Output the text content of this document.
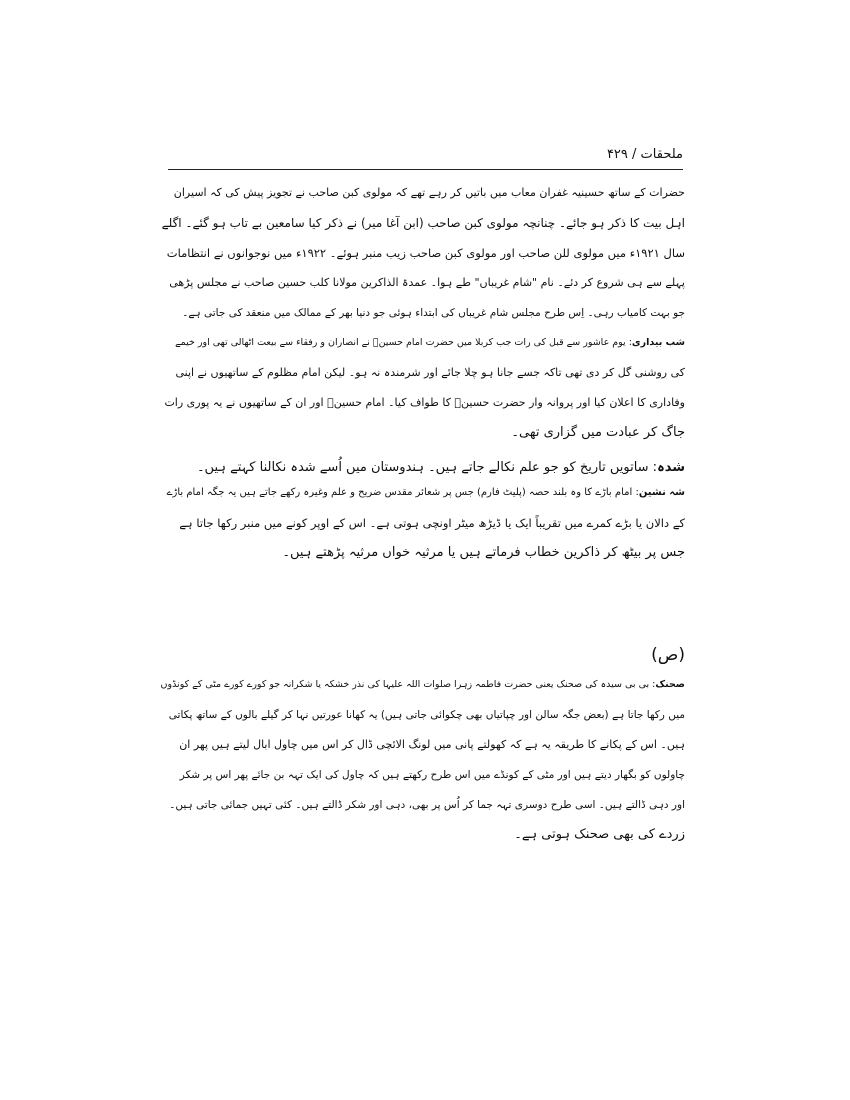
ملحقات / ۴۲۹
حضرات کے ساتھ حسینیہ غفران معاب میں باتیں کر رہے تھے کہ مولوی کبن صاحب نے تجویز پیش کی کہ اسیران
اہل بیت کا ذکر ہو جائے۔ چنانچہ مولوی کبن صاحب (ابن آغا میر) نے ذکر کیا سامعین بے تاب ہو گئے۔ اگلے
سال ۱۹۲۱ء میں مولوی للن صاحب اور مولوی کبن صاحب زیب منبر ہوئے۔ ۱۹۲۲ء میں نوجوانوں نے انتظامات
پہلے سے ہی شروع کر دئے۔ نام "شام غریباں" طے ہوا۔ عمدۃ الذاکرین مولانا کلب حسین صاحب نے مجلس پڑھی
جو بہت کامیاب رہی۔ اِس طرح مجلس شام غریباں کی ابتداء ہوئی جو دنیا بھر کے ممالک میں منعقد کی جاتی ہے۔
شب بیداری: یوم عاشور سے قبل کی رات جب کربلا میں حضرت امام حسینؑ نے انصاران و رفقاء سے بیعت اٹھالی تھی اور خیمے
کی روشنی گل کر دی تھی تاکہ جسے جانا ہو چلا جائے اور شرمندہ نہ ہو۔ لیکن امام مظلوم کے ساتھیوں نے اپنی
وفاداری کا اعلان کیا اور پروانہ وار حضرت حسینؑ کا طواف کیا۔ امام حسینؑ اور ان کے ساتھیوں نے یہ پوری رات
جاگ کر عبادت میں گزاری تھی۔
شدہ: ساتویں تاریخ کو جو علم نکالے جاتے ہیں۔ ہندوستان میں اُسے شدہ نکالنا کہتے ہیں۔
شہ نشین: امام باڑے کا وہ بلند حصہ (پلیٹ فارم) جس پر شعائر مقدس ضریح و علم وغیرہ رکھے جاتے ہیں یہ جگہ امام باڑے
کے دالان یا بڑے کمرے میں تقریباً ایک یا ڈیڑھ میٹر اونچی ہوتی ہے۔ اس کے اوپر کونے میں منبر رکھا جاتا ہے
جس پر بیٹھ کر ذاکرین خطاب فرماتے ہیں یا مرثیہ خواں مرثیہ پڑھتے ہیں۔
(ص)
صحنک: بی بی سیدہ کی صحنک یعنی حضرت فاطمہ زہرا صلوات اللہ علیہا کی نذر خشکہ یا شکرانہ جو کورے کورے مٹی کے کونڈوں
میں رکھا جاتا ہے (بعض جگہ سالن اور چپاتیاں بھی چکوائی جاتی ہیں) یہ کھانا عورتیں نہا کر گیلے بالوں کے ساتھ پکاتی
ہیں۔ اس کے پکانے کا طریقہ یہ ہے کہ کھولتے پانی میں لونگ الائچی ڈال کر اس میں چاول ابال لیتے ہیں پھر ان
چاولوں کو بگھار دیتے ہیں اور مٹی کے کونڈے میں اس طرح رکھتے ہیں کہ چاول کی ایک تہہ بن جائے پھر اس پر شکر
اور دہی ڈالتے ہیں۔ اسی طرح دوسری تہہ جما کر اُس پر بھی، دہی اور شکر ڈالتے ہیں۔ کئی تہیں جمائی جاتی ہیں۔
زردے کی بھی صحنک ہوتی ہے۔
